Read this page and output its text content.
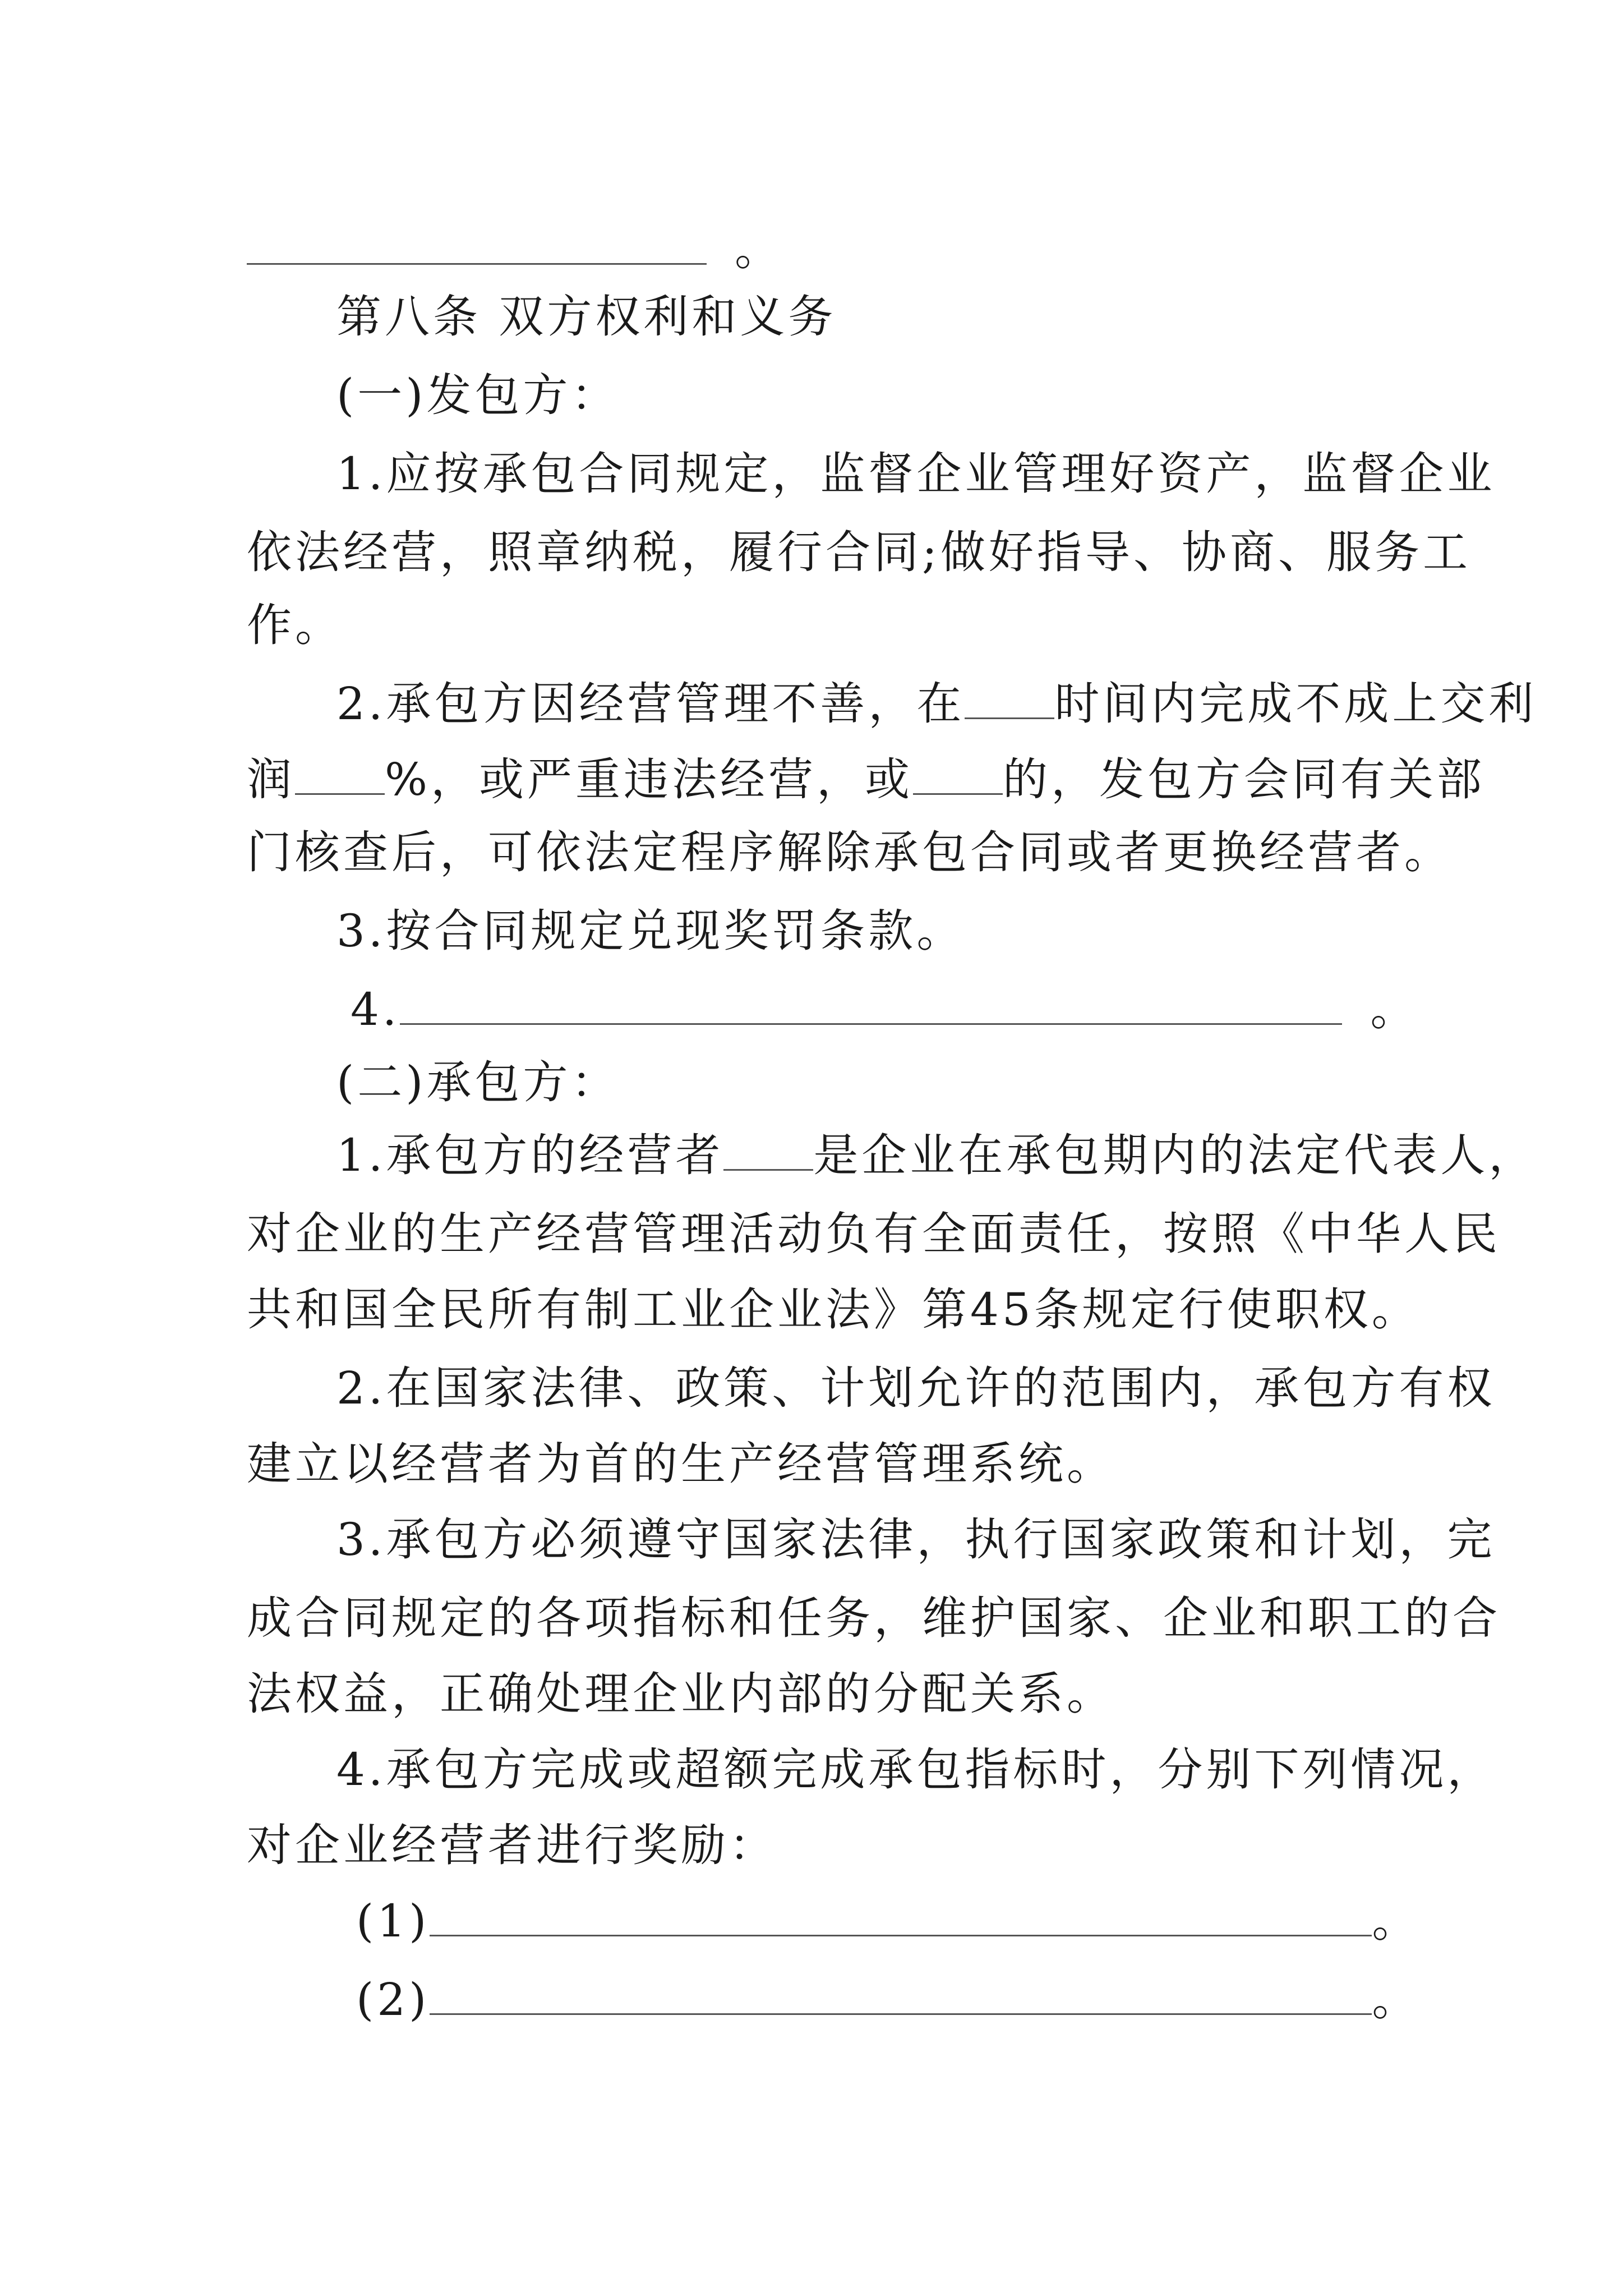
。
第八条 双方权利和义务
(一)发包方：
1.应按承包合同规定，监督企业管理好资产，监督企业
依法经营，照章纳税，履行合同;做好指导、协商、服务工
作。
2.承包方因经营管理不善，在 时间内完成不成上交利
润 %，或严重违法经营，或 的，发包方会同有关部
门核查后，可依法定程序解除承包合同或者更换经营者。
3.按合同规定兑现奖罚条款。
4.	。
(二)承包方：
1.承包方的经营者 是企业在承包期内的法定代表人，
对企业的生产经营管理活动负有全面责任，按照《中华人民
共和国全民所有制工业企业法》第45条规定行使职权。
2.在国家法律、政策、计划允许的范围内，承包方有权
建立以经营者为首的生产经营管理系统。
3.承包方必须遵守国家法律，执行国家政策和计划，完
成合同规定的各项指标和任务，维护国家、企业和职工的合
法权益，正确处理企业内部的分配关系。
4.承包方完成或超额完成承包指标时，分别下列情况，
对企业经营者进行奖励：
(1)	。
(2)	。
